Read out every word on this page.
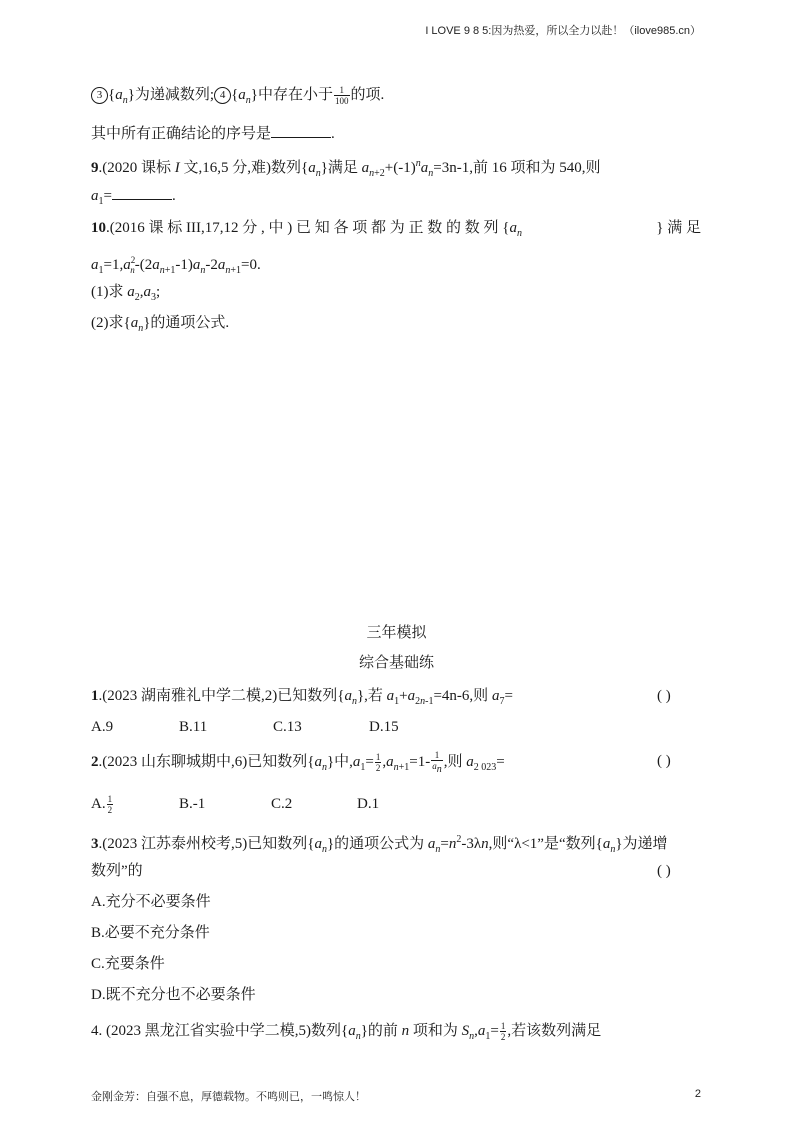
I LOVE 9 8 5:因为热爱，所以全力以赴！（ilove985.cn）
3 $\{a_n\}$为递减数列; 4 $\{a_n\}$中存在小于 $\frac{1}{100}$ 的项.
其中所有正确结论的序号是	.
9.(2020 课标 I 文,16,5 分,难)数列$\{a_n\}$满足 $a_{n+2}+(-1)^na_n=3n-1$,前 16 项和为 540,则
$a_1=$	.
10.(2016 课 标 III,17,12 分 , 中 ) 已 知 各 项 都 为 正 数 的 数 列 {$a_n$	} 满 足
$a_1=1,a^2_n-(2a_{n+1}-1)a_n-2a_{n+1}=0$.
(1)求 $a_2,a_3$;
(2)求$\{a_n\}$的通项公式.
三年模拟
综合基础练
1.(2023 湖南雅礼中学二模,2)已知数列$\{a_n\}$,若 $a_1+a_{2n-1}=4n-6$,则 $a_7=$	( )
A.9	B.11	C.13	D.15
2.(2023 山东聊城期中,6)已知数列$\{a_n\}$中$,a_1= \frac{1}{2} ,a_{n+1}=1- \frac{1}{a_n}$ ,则 $a_{2 023}=$	( )
A. $\frac{1}{2}$	B.-1	C.2	D.1
3.(2023 江苏泰州校考,5)已知数列$\{a_n\}$的通项公式为 $a_n=n^2-3\lambda n$,则“λ<1”是“数列$\{a_n\}$为递增
数列”的	( )
A.充分不必要条件
B.必要不充分条件
C.充要条件
D.既不充分也不必要条件
4. (2023 黑龙江省实验中学二模,5)数列$\{a_n\}$的前 n 项和为 $S_n,a_1= \frac{1}{2}$ ,若该数列满足
金刚金芳：自强不息，厚德载物。不鸣则已，一鸣惊人！	2
